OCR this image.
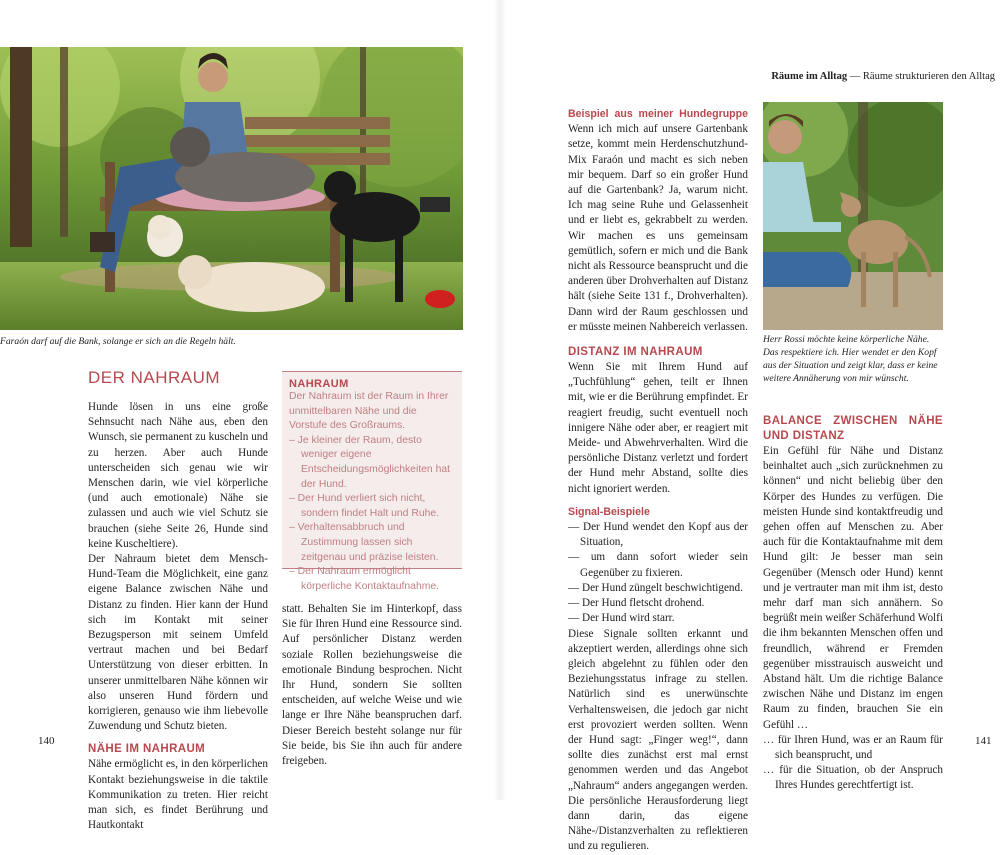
Faraón darf auf die Bank, solange er sich an die Regeln hält.
DER NAHRAUM
Hunde lösen in uns eine große Sehnsucht nach Nähe aus, eben den Wunsch, sie permanent zu kuscheln und zu herzen. Aber auch Hunde unterscheiden sich genau wie wir Menschen darin, wie viel körperliche (und auch emotionale) Nähe sie zulassen und auch wie viel Schutz sie brauchen (siehe Seite 26, Hunde sind keine Kuscheltiere).
Der Nahraum bietet dem Mensch-Hund-Team die Möglichkeit, eine ganz eigene Balance zwischen Nähe und Distanz zu finden. Hier kann der Hund sich im Kontakt mit seiner Bezugsperson mit seinem Umfeld vertraut machen und bei Bedarf Unterstützung von dieser erbitten. In unserer unmittelbaren Nähe können wir also unseren Hund fördern und korrigieren, genauso wie ihm liebevolle Zuwendung und Schutz bieten.
NÄHE IM NAHRAUM
Nähe ermöglicht es, in den körperlichen Kontakt beziehungsweise in die taktile Kommunikation zu treten. Hier reicht man sich, es findet Berührung und Hautkontakt
NAHRAUM
Der Nahraum ist der Raum in Ihrer unmittelbaren Nähe und die Vorstufe des Großraums.
– Je kleiner der Raum, desto weniger eigene Entscheidungsmöglichkeiten hat der Hund.
– Der Hund verliert sich nicht, sondern findet Halt und Ruhe.
– Verhaltensabbruch und Zustimmung lassen sich zeitgenau und präzise leisten.
– Der Nahraum ermöglicht körperliche Kontaktaufnahme.
statt. Behalten Sie im Hinterkopf, dass Sie für Ihren Hund eine Ressource sind. Auf persönlicher Distanz werden soziale Rollen beziehungsweise die emotionale Bindung besprochen. Nicht Ihr Hund, sondern Sie sollten entscheiden, auf welche Weise und wie lange er Ihre Nähe beanspruchen darf. Dieser Bereich besteht solange nur für Sie beide, bis Sie ihn auch für andere freigeben.
140
Räume im Alltag — Räume strukturieren den Alltag
Beispiel aus meiner Hundegruppe Wenn ich mich auf unsere Gartenbank setze, kommt mein Herdenschutzhund-Mix Faraón und macht es sich neben mir bequem. Darf so ein großer Hund auf die Gartenbank? Ja, warum nicht. Ich mag seine Ruhe und Gelassenheit und er liebt es, gekrabbelt zu werden. Wir machen es uns gemeinsam gemütlich, sofern er mich und die Bank nicht als Ressource beansprucht und die anderen über Drohverhalten auf Distanz hält (siehe Seite 131 f., Drohverhalten). Dann wird der Raum geschlossen und er müsste meinen Nahbereich verlassen.
DISTANZ IM NAHRAUM
Wenn Sie mit Ihrem Hund auf „Tuchfühlung“ gehen, teilt er Ihnen mit, wie er die Berührung empfindet. Er reagiert freudig, sucht eventuell noch innigere Nähe oder aber, er reagiert mit Meide- und Abwehrverhalten. Wird die persönliche Distanz verletzt und fordert der Hund mehr Abstand, sollte dies nicht ignoriert werden.
Signal-Beispiele
— Der Hund wendet den Kopf aus der Situation,
— um dann sofort wieder sein Gegenüber zu fixieren.
— Der Hund züngelt beschwichtigend.
— Der Hund fletscht drohend.
— Der Hund wird starr.
Diese Signale sollten erkannt und akzeptiert werden, allerdings ohne sich gleich abgelehnt zu fühlen oder den Beziehungsstatus infrage zu stellen. Natürlich sind es unerwünschte Verhaltensweisen, die jedoch gar nicht erst provoziert werden sollten. Wenn der Hund sagt: „Finger weg!“, dann sollte dies zunächst erst mal ernst genommen werden und das Angebot „Nahraum“ anders angegangen werden. Die persönliche Herausforderung liegt dann darin, das eigene Nähe-/Distanzverhalten zu reflektieren und zu regulieren.
Herr Rossi möchte keine körperliche Nähe. Das respektiere ich. Hier wendet er den Kopf aus der Situation und zeigt klar, dass er keine weitere Annäherung von mir wünscht.
BALANCE ZWISCHEN NÄHE UND DISTANZ
Ein Gefühl für Nähe und Distanz beinhaltet auch „sich zurücknehmen zu können“ und nicht beliebig über den Körper des Hundes zu verfügen. Die meisten Hunde sind kontaktfreudig und gehen offen auf Menschen zu. Aber auch für die Kontaktaufnahme mit dem Hund gilt: Je besser man sein Gegenüber (Mensch oder Hund) kennt und je vertrauter man mit ihm ist, desto mehr darf man sich annähern. So begrüßt mein weißer Schäferhund Wolfi die ihm bekannten Menschen offen und freundlich, während er Fremden gegenüber misstrauisch ausweicht und Abstand hält. Um die richtige Balance zwischen Nähe und Distanz im engen Raum zu finden, brauchen Sie ein Gefühl …
… für Ihren Hund, was er an Raum für sich beansprucht, und
… für die Situation, ob der Anspruch Ihres Hundes gerechtfertigt ist.
141
